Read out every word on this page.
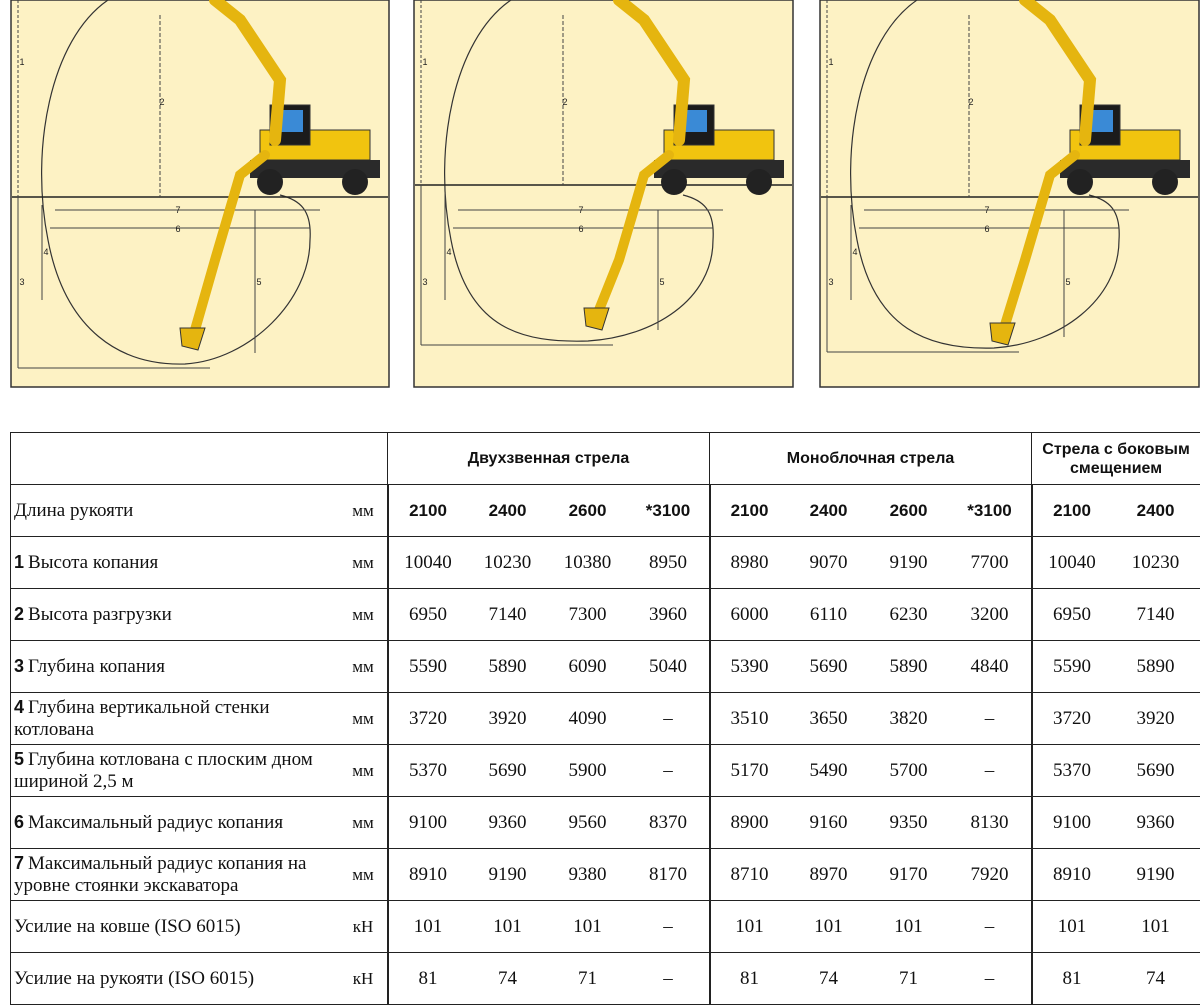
1
2
3
4
5
6
7
1
2
3
4
5
6
7
1
2
3
4
5
6
7
		Двухзвенная стрела				Моноблочная стрела				Стрела с боковым смещением	
Длина рукояти	мм	2100	2400	2600	*3100	2100	2400	2600	*3100	2100	2400
1 Высота копания	мм	10040	10230	10380	8950	8980	9070	9190	7700	10040	10230
2 Высота разгрузки	мм	6950	7140	7300	3960	6000	6110	6230	3200	6950	7140
3 Глубина копания	мм	5590	5890	6090	5040	5390	5690	5890	4840	5590	5890
4 Глубина вертикальной стенки котлована	мм	3720	3920	4090	–	3510	3650	3820	–	3720	3920
5 Глубина котлована с плоским дном шириной 2,5 м	мм	5370	5690	5900	–	5170	5490	5700	–	5370	5690
6 Максимальный радиус копания	мм	9100	9360	9560	8370	8900	9160	9350	8130	9100	9360
7 Максимальный радиус копания на уровне стоянки экскаватора	мм	8910	9190	9380	8170	8710	8970	9170	7920	8910	9190
Усилие на ковше (ISO 6015)	кН	101	101	101	–	101	101	101	–	101	101
Усилие на рукояти (ISO 6015)	кН	81	74	71	–	81	74	71	–	81	74
